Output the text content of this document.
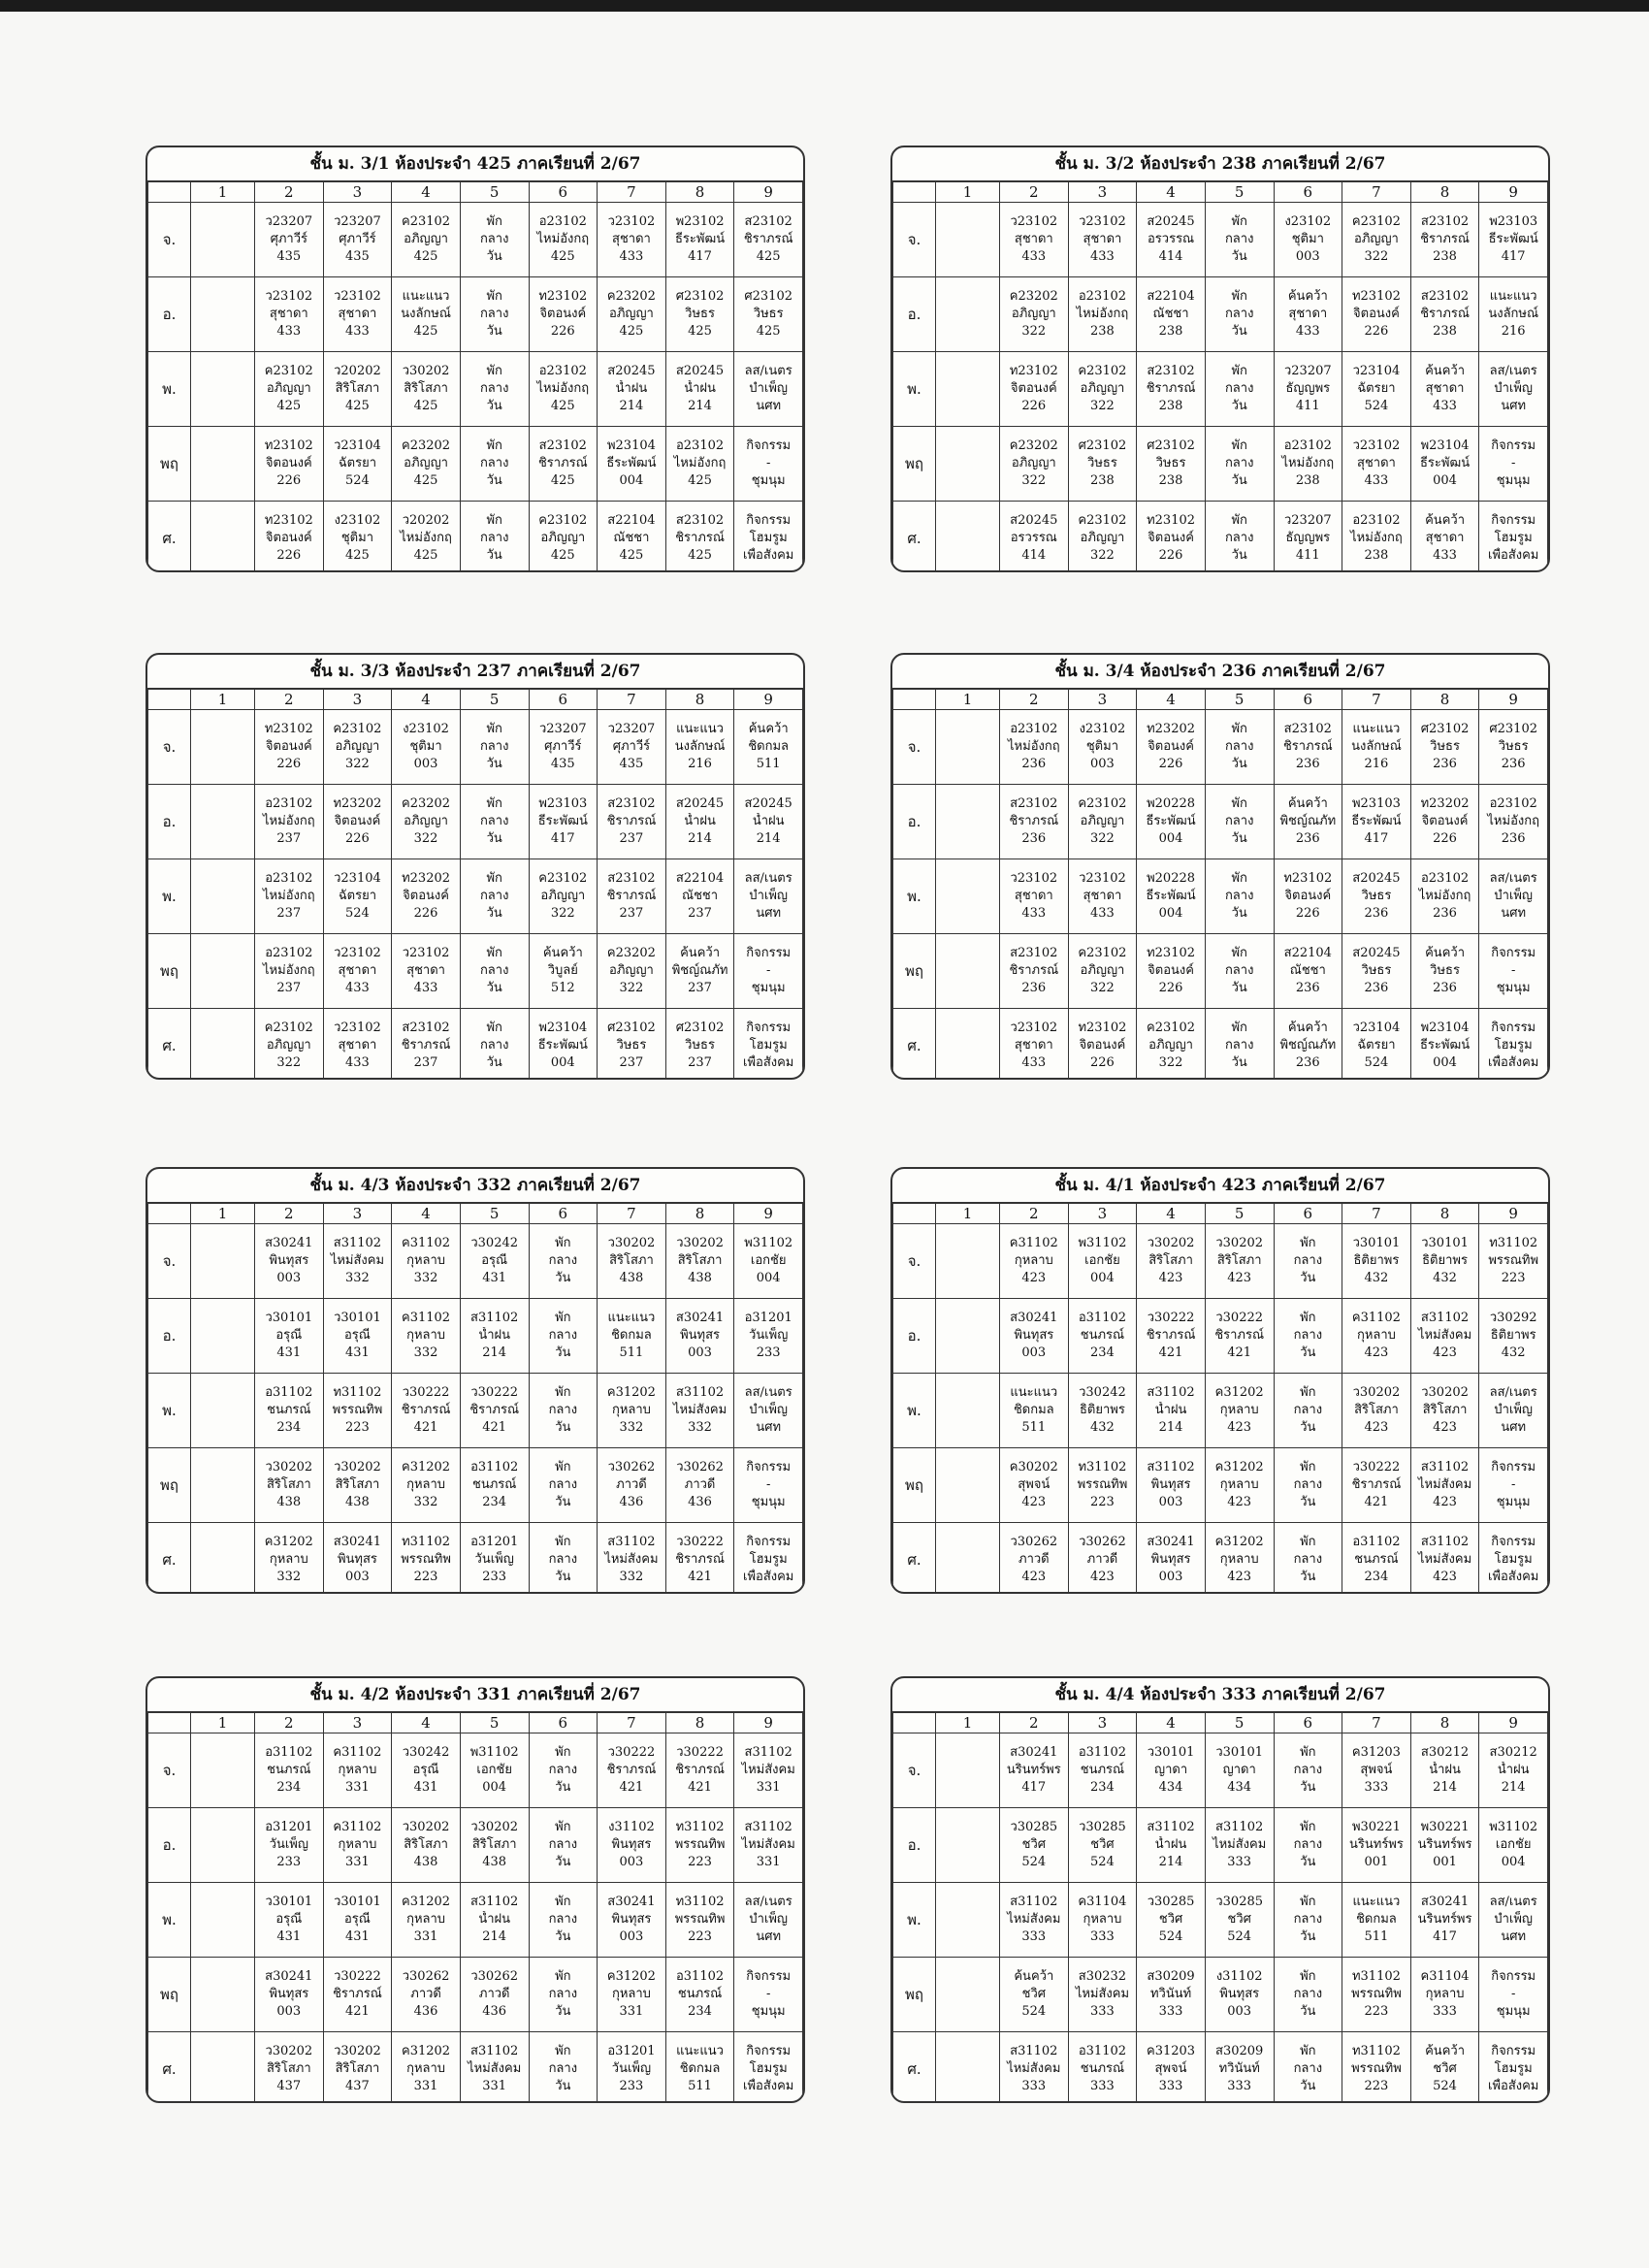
ชั้น ม. 3/1 ห้องประจำ 425 ภาคเรียนที่ 2/67
	1	2	3	4	5	6	7	8	9
จ.		ว23207
ศุภาวีร์
435	ว23207
ศุภาวีร์
435	ค23102
อภิญญา
425	พัก
กลาง
วัน	อ23102
ไหม่อังกฤ
425	ว23102
สุชาดา
433	พ23102
ธีระพัฒน์
417	ส23102
ชิราภรณ์
425

อ.		ว23102
สุชาดา
433	ว23102
สุชาดา
433	แนะแนว
นงลักษณ์
425	พัก
กลาง
วัน	ท23102
จิตอนงค์
226	ค23202
อภิญญา
425	ศ23102
วิษธร
425	ศ23102
วิษธร
425

พ.		ค23102
อภิญญา
425	ว20202
สิริโสภา
425	ว30202
สิริโสภา
425	พัก
กลาง
วัน	อ23102
ไหม่อังกฤ
425	ส20245
น้ำฝน
214	ส20245
น้ำฝน
214	ลส/เนตร
บำเพ็ญ
นศท

พฤ		ท23102
จิตอนงค์
226	ว23104
ฉัตรยา
524	ค23202
อภิญญา
425	พัก
กลาง
วัน	ส23102
ชิราภรณ์
425	พ23104
ธีระพัฒน์
004	อ23102
ไหม่อังกฤ
425	กิจกรรม
-
ชุมนุม

ศ.		ท23102
จิตอนงค์
226	ง23102
ชุติมา
425	ว20202
ไหม่อังกฤ
425	พัก
กลาง
วัน	ค23102
อภิญญา
425	ส22104
ณัชชา
425	ส23102
ชิราภรณ์
425	กิจกรรม
โฮมรูม
เพื่อสังคม
ชั้น ม. 3/2 ห้องประจำ 238 ภาคเรียนที่ 2/67
	1	2	3	4	5	6	7	8	9
จ.		ว23102
สุชาดา
433	ว23102
สุชาดา
433	ส20245
อรวรรณ
414	พัก
กลาง
วัน	ง23102
ชุติมา
003	ค23102
อภิญญา
322	ส23102
ชิราภรณ์
238	พ23103
ธีระพัฒน์
417

อ.		ค23202
อภิญญา
322	อ23102
ไหม่อังกฤ
238	ส22104
ณัชชา
238	พัก
กลาง
วัน	ค้นคว้า
สุชาดา
433	ท23102
จิตอนงค์
226	ส23102
ชิราภรณ์
238	แนะแนว
นงลักษณ์
216

พ.		ท23102
จิตอนงค์
226	ค23102
อภิญญา
322	ส23102
ชิราภรณ์
238	พัก
กลาง
วัน	ว23207
ธัญญพร
411	ว23104
ฉัตรยา
524	ค้นคว้า
สุชาดา
433	ลส/เนตร
บำเพ็ญ
นศท

พฤ		ค23202
อภิญญา
322	ศ23102
วิษธร
238	ศ23102
วิษธร
238	พัก
กลาง
วัน	อ23102
ไหม่อังกฤ
238	ว23102
สุชาดา
433	พ23104
ธีระพัฒน์
004	กิจกรรม
-
ชุมนุม

ศ.		ส20245
อรวรรณ
414	ค23102
อภิญญา
322	ท23102
จิตอนงค์
226	พัก
กลาง
วัน	ว23207
ธัญญพร
411	อ23102
ไหม่อังกฤ
238	ค้นคว้า
สุชาดา
433	กิจกรรม
โฮมรูม
เพื่อสังคม
ชั้น ม. 3/3 ห้องประจำ 237 ภาคเรียนที่ 2/67
	1	2	3	4	5	6	7	8	9
จ.		ท23102
จิตอนงค์
226	ค23102
อภิญญา
322	ง23102
ชุติมา
003	พัก
กลาง
วัน	ว23207
ศุภาวีร์
435	ว23207
ศุภาวีร์
435	แนะแนว
นงลักษณ์
216	ค้นคว้า
ชิดกมล
511

อ.		อ23102
ไหม่อังกฤ
237	ท23202
จิตอนงค์
226	ค23202
อภิญญา
322	พัก
กลาง
วัน	พ23103
ธีระพัฒน์
417	ส23102
ชิราภรณ์
237	ส20245
น้ำฝน
214	ส20245
น้ำฝน
214

พ.		อ23102
ไหม่อังกฤ
237	ว23104
ฉัตรยา
524	ท23202
จิตอนงค์
226	พัก
กลาง
วัน	ค23102
อภิญญา
322	ส23102
ชิราภรณ์
237	ส22104
ณัชชา
237	ลส/เนตร
บำเพ็ญ
นศท

พฤ		อ23102
ไหม่อังกฤ
237	ว23102
สุชาดา
433	ว23102
สุชาดา
433	พัก
กลาง
วัน	ค้นคว้า
วิบูลย์
512	ค23202
อภิญญา
322	ค้นคว้า
พิชญ์ณภัท
237	กิจกรรม
-
ชุมนุม

ศ.		ค23102
อภิญญา
322	ว23102
สุชาดา
433	ส23102
ชิราภรณ์
237	พัก
กลาง
วัน	พ23104
ธีระพัฒน์
004	ศ23102
วิษธร
237	ศ23102
วิษธร
237	กิจกรรม
โฮมรูม
เพื่อสังคม
ชั้น ม. 3/4 ห้องประจำ 236 ภาคเรียนที่ 2/67
	1	2	3	4	5	6	7	8	9
จ.		อ23102
ไหม่อังกฤ
236	ง23102
ชุติมา
003	ท23202
จิตอนงค์
226	พัก
กลาง
วัน	ส23102
ชิราภรณ์
236	แนะแนว
นงลักษณ์
216	ศ23102
วิษธร
236	ศ23102
วิษธร
236

อ.		ส23102
ชิราภรณ์
236	ค23102
อภิญญา
322	พ20228
ธีระพัฒน์
004	พัก
กลาง
วัน	ค้นคว้า
พิชญ์ณภัท
236	พ23103
ธีระพัฒน์
417	ท23202
จิตอนงค์
226	อ23102
ไหม่อังกฤ
236

พ.		ว23102
สุชาดา
433	ว23102
สุชาดา
433	พ20228
ธีระพัฒน์
004	พัก
กลาง
วัน	ท23102
จิตอนงค์
226	ส20245
วิษธร
236	อ23102
ไหม่อังกฤ
236	ลส/เนตร
บำเพ็ญ
นศท

พฤ		ส23102
ชิราภรณ์
236	ค23102
อภิญญา
322	ท23102
จิตอนงค์
226	พัก
กลาง
วัน	ส22104
ณัชชา
236	ส20245
วิษธร
236	ค้นคว้า
วิษธร
236	กิจกรรม
-
ชุมนุม

ศ.		ว23102
สุชาดา
433	ท23102
จิตอนงค์
226	ค23102
อภิญญา
322	พัก
กลาง
วัน	ค้นคว้า
พิชญ์ณภัท
236	ว23104
ฉัตรยา
524	พ23104
ธีระพัฒน์
004	กิจกรรม
โฮมรูม
เพื่อสังคม
ชั้น ม. 4/3 ห้องประจำ 332 ภาคเรียนที่ 2/67
	1	2	3	4	5	6	7	8	9
จ.		ส30241
พินทุสร
003	ส31102
ไหม่สังคม
332	ค31102
กุหลาบ
332	ว30242
อรุณี
431	พัก
กลาง
วัน	ว30202
สิริโสภา
438	ว30202
สิริโสภา
438	พ31102
เอกชัย
004

อ.		ว30101
อรุณี
431	ว30101
อรุณี
431	ค31102
กุหลาบ
332	ส31102
น้ำฝน
214	พัก
กลาง
วัน	แนะแนว
ชิดกมล
511	ส30241
พินทุสร
003	อ31201
วันเพ็ญ
233

พ.		อ31102
ชนภรณ์
234	ท31102
พรรณทิพ
223	ว30222
ชิราภรณ์
421	ว30222
ชิราภรณ์
421	พัก
กลาง
วัน	ค31202
กุหลาบ
332	ส31102
ไหม่สังคม
332	ลส/เนตร
บำเพ็ญ
นศท

พฤ		ว30202
สิริโสภา
438	ว30202
สิริโสภา
438	ค31202
กุหลาบ
332	อ31102
ชนภรณ์
234	พัก
กลาง
วัน	ว30262
ภาวดี
436	ว30262
ภาวดี
436	กิจกรรม
-
ชุมนุม

ศ.		ค31202
กุหลาบ
332	ส30241
พินทุสร
003	ท31102
พรรณทิพ
223	อ31201
วันเพ็ญ
233	พัก
กลาง
วัน	ส31102
ไหม่สังคม
332	ว30222
ชิราภรณ์
421	กิจกรรม
โฮมรูม
เพื่อสังคม
ชั้น ม. 4/1 ห้องประจำ 423 ภาคเรียนที่ 2/67
	1	2	3	4	5	6	7	8	9
จ.		ค31102
กุหลาบ
423	พ31102
เอกชัย
004	ว30202
สิริโสภา
423	ว30202
สิริโสภา
423	พัก
กลาง
วัน	ว30101
ธิติยาพร
432	ว30101
ธิติยาพร
432	ท31102
พรรณทิพ
223

อ.		ส30241
พินทุสร
003	อ31102
ชนภรณ์
234	ว30222
ชิราภรณ์
421	ว30222
ชิราภรณ์
421	พัก
กลาง
วัน	ค31102
กุหลาบ
423	ส31102
ไหม่สังคม
423	ว30292
ธิติยาพร
432

พ.		แนะแนว
ชิดกมล
511	ว30242
ธิติยาพร
432	ส31102
น้ำฝน
214	ค31202
กุหลาบ
423	พัก
กลาง
วัน	ว30202
สิริโสภา
423	ว30202
สิริโสภา
423	ลส/เนตร
บำเพ็ญ
นศท

พฤ		ค30202
สุพจน์
423	ท31102
พรรณทิพ
223	ส31102
พินทุสร
003	ค31202
กุหลาบ
423	พัก
กลาง
วัน	ว30222
ชิราภรณ์
421	ส31102
ไหม่สังคม
423	กิจกรรม
-
ชุมนุม

ศ.		ว30262
ภาวดี
423	ว30262
ภาวดี
423	ส30241
พินทุสร
003	ค31202
กุหลาบ
423	พัก
กลาง
วัน	อ31102
ชนภรณ์
234	ส31102
ไหม่สังคม
423	กิจกรรม
โฮมรูม
เพื่อสังคม
ชั้น ม. 4/2 ห้องประจำ 331 ภาคเรียนที่ 2/67
	1	2	3	4	5	6	7	8	9
จ.		อ31102
ชนภรณ์
234	ค31102
กุหลาบ
331	ว30242
อรุณี
431	พ31102
เอกชัย
004	พัก
กลาง
วัน	ว30222
ชิราภรณ์
421	ว30222
ชิราภรณ์
421	ส31102
ไหม่สังคม
331

อ.		อ31201
วันเพ็ญ
233	ค31102
กุหลาบ
331	ว30202
สิริโสภา
438	ว30202
สิริโสภา
438	พัก
กลาง
วัน	ง31102
พินทุสร
003	ท31102
พรรณทิพ
223	ส31102
ไหม่สังคม
331

พ.		ว30101
อรุณี
431	ว30101
อรุณี
431	ค31202
กุหลาบ
331	ส31102
น้ำฝน
214	พัก
กลาง
วัน	ส30241
พินทุสร
003	ท31102
พรรณทิพ
223	ลส/เนตร
บำเพ็ญ
นศท

พฤ		ส30241
พินทุสร
003	ว30222
ชิราภรณ์
421	ว30262
ภาวดี
436	ว30262
ภาวดี
436	พัก
กลาง
วัน	ค31202
กุหลาบ
331	อ31102
ชนภรณ์
234	กิจกรรม
-
ชุมนุม

ศ.		ว30202
สิริโสภา
437	ว30202
สิริโสภา
437	ค31202
กุหลาบ
331	ส31102
ไหม่สังคม
331	พัก
กลาง
วัน	อ31201
วันเพ็ญ
233	แนะแนว
ชิดกมล
511	กิจกรรม
โฮมรูม
เพื่อสังคม
ชั้น ม. 4/4 ห้องประจำ 333 ภาคเรียนที่ 2/67
	1	2	3	4	5	6	7	8	9
จ.		ส30241
นรินทร์พร
417	อ31102
ชนภรณ์
234	ว30101
ญาดา
434	ว30101
ญาดา
434	พัก
กลาง
วัน	ค31203
สุพจน์
333	ส30212
น้ำฝน
214	ส30212
น้ำฝน
214

อ.		ว30285
ชวิศ
524	ว30285
ชวิศ
524	ส31102
น้ำฝน
214	ส31102
ไหม่สังคม
333	พัก
กลาง
วัน	พ30221
นรินทร์พร
001	พ30221
นรินทร์พร
001	พ31102
เอกชัย
004

พ.		ส31102
ไหม่สังคม
333	ค31104
กุหลาบ
333	ว30285
ชวิศ
524	ว30285
ชวิศ
524	พัก
กลาง
วัน	แนะแนว
ชิดกมล
511	ส30241
นรินทร์พร
417	ลส/เนตร
บำเพ็ญ
นศท

พฤ		ค้นคว้า
ชวิศ
524	ส30232
ไหม่สังคม
333	ส30209
ทวินันท์
333	ง31102
พินทุสร
003	พัก
กลาง
วัน	ท31102
พรรณทิพ
223	ค31104
กุหลาบ
333	กิจกรรม
-
ชุมนุม

ศ.		ส31102
ไหม่สังคม
333	อ31102
ชนภรณ์
333	ค31203
สุพจน์
333	ส30209
ทวินันท์
333	พัก
กลาง
วัน	ท31102
พรรณทิพ
223	ค้นคว้า
ชวิศ
524	กิจกรรม
โฮมรูม
เพื่อสังคม
